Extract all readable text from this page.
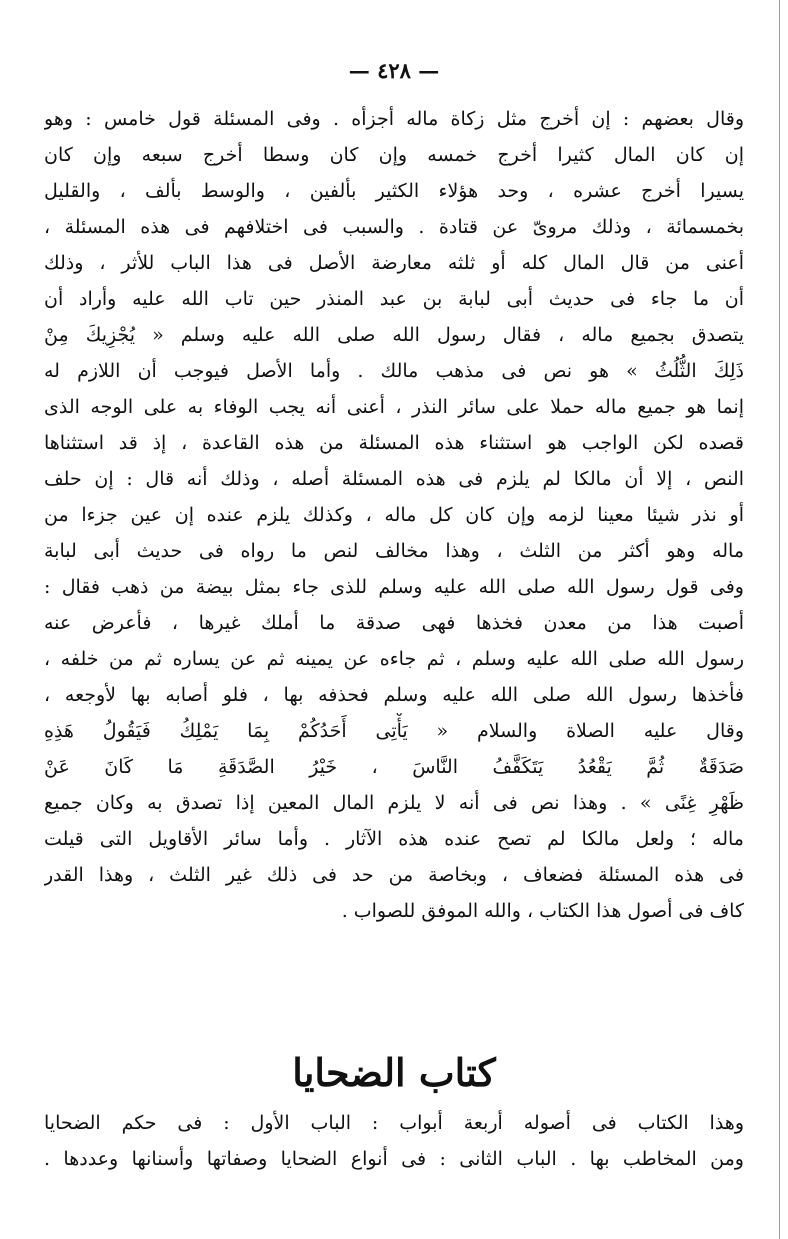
— ٤٢٨ —
وقال بعضهم : إن أخرج مثل زكاة ماله أجزأه . وفى المسئلة قول خامس : وهو
إن كان المال كثيرا أخرج خمسه وإن كان وسطا أخرج سبعه وإن كان
يسيرا أخرج عشره ، وحد هؤلاء الكثير بألفين ، والوسط بألف ، والقليل
بخمسمائة ، وذلك مروىّ عن قتادة . والسبب فى اختلافهم فى هذه المسئلة ،
أعنى من قال المال كله أو ثلثه معارضة الأصل فى هذا الباب للأثر ، وذلك
أن ما جاء فى حديث أبى لبابة بن عبد المنذر حين تاب الله عليه وأراد أن
يتصدق بجميع ماله ، فقال رسول الله صلى الله عليه وسلم « يُجْزِيكَ مِنْ
ذَلِكَ الثُّلُثُ » هو نص فى مذهب مالك . وأما الأصل فيوجب أن اللازم له
إنما هو جميع ماله حملا على سائر النذر ، أعنى أنه يجب الوفاء به على الوجه الذى
قصده لكن الواجب هو استثناء هذه المسئلة من هذه القاعدة ، إذ قد استثناها
النص ، إلا أن مالكا لم يلزم فى هذه المسئلة أصله ، وذلك أنه قال : إن حلف
أو نذر شيئا معينا لزمه وإن كان كل ماله ، وكذلك يلزم عنده إن عين جزءا من
ماله وهو أكثر من الثلث ، وهذا مخالف لنص ما رواه فى حديث أبى لبابة
وفى قول رسول الله صلى الله عليه وسلم للذى جاء بمثل بيضة من ذهب فقال :
أصبت هذا من معدن فخذها فهى صدقة ما أملك غيرها ، فأعرض عنه
رسول الله صلى الله عليه وسلم ، ثم جاءه عن يمينه ثم عن يساره ثم من خلفه ،
فأخذها رسول الله صلى الله عليه وسلم فحذفه بها ، فلو أصابه بها لأوجعه ،
وقال عليه الصلاة والسلام « يَأْتِى أَحَدُكُمْ بِمَا يَمْلِكُ فَيَقُولُ هَذِهِ
صَدَقَةٌ ثُمَّ يَقْعُدُ يَتَكَفَّفُ النَّاسَ ، خَيْرُ الصَّدَقَةِ مَا كَانَ عَنْ
ظَهْرِ غِنًى » . وهذا نص فى أنه لا يلزم المال المعين إذا تصدق به وكان جميع
ماله ؛ ولعل مالكا لم تصح عنده هذه الآثار . وأما سائر الأقاويل التى قيلت
فى هذه المسئلة فضعاف ، وبخاصة من حد فى ذلك غير الثلث ، وهذا القدر
كاف فى أصول هذا الكتاب ، والله الموفق للصواب .
كتاب الضحايا
وهذا الكتاب فى أصوله أربعة أبواب : الباب الأول : فى حكم الضحايا
ومن المخاطب بها . الباب الثانى : فى أنواع الضحايا وصفاتها وأسنانها وعددها .
